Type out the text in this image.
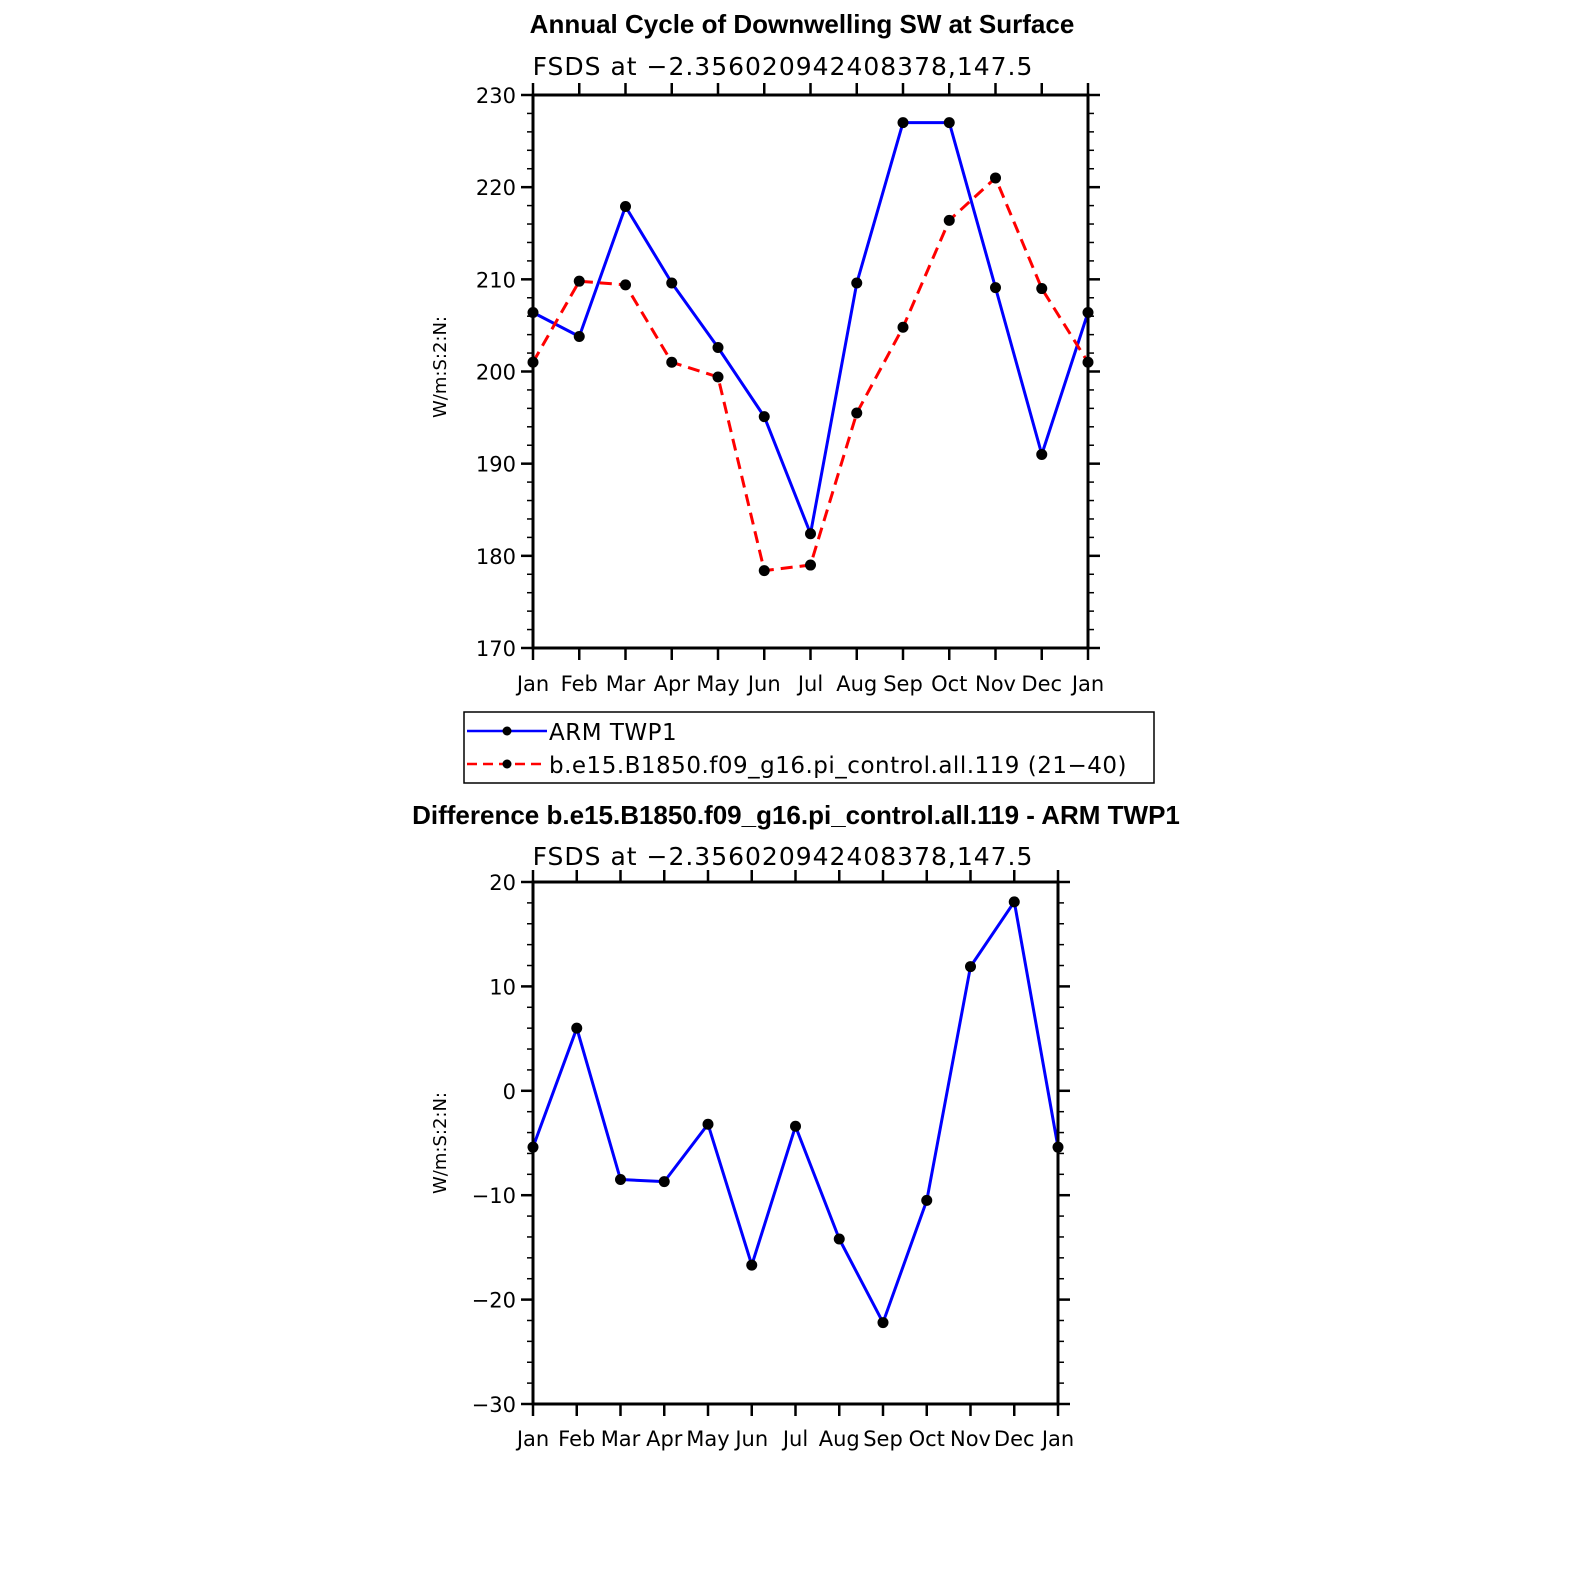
Annual Cycle of Downwelling SW at Surface
FSDS at −2.356020942408378,147.5
W/m:S:2:N:
170
180
190
200
210
220
230
Jan Feb Mar Apr May Jun Jul Aug Sep Oct Nov Dec Jan
ARM TWP1
b.e15.B1850.f09_g16.pi_control.all.119 (21−40)
Difference b.e15.B1850.f09_g16.pi_control.all.119 - ARM TWP1
FSDS at −2.356020942408378,147.5
W/m:S:2:N:
−30
−20
−10
0
10
20
Jan Feb Mar Apr May Jun Jul Aug Sep Oct Nov Dec Jan
